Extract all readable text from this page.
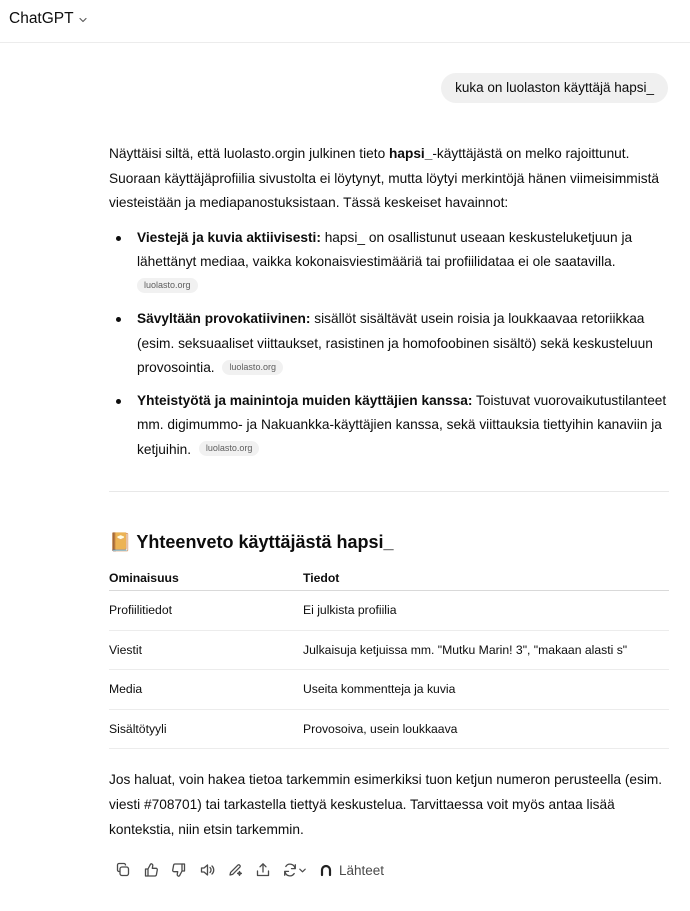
ChatGPT
kuka on luolaston käyttäjä hapsi_

Näyttäisi siltä, että luolasto.orgin julkinen tieto hapsi_-käyttäjästä on melko rajoittunut. Suoraan käyttäjäprofiilia sivustolta ei löytynyt, mutta löytyi merkintöjä hänen viimeisimmistä viesteistään ja mediapanostuksistaan. Tässä keskeiset havainnot:

Viestejä ja kuvia aktiivisesti: hapsi_ on osallistunut useaan keskusteluketjuun ja lähettänyt mediaa, vaikka kokonaisviestimääriä tai profiilidataa ei ole saatavilla.
luolasto.org
Sävyltään provokatiivinen: sisällöt sisältävät usein roisia ja loukkaavaa retoriikkaa (esim. seksuaaliset viittaukset, rasistinen ja homofoobinen sisältö) sekä keskusteluun provosointia. luolasto.org
Yhteistyötä ja mainintoja muiden käyttäjien kanssa: Toistuvat vuorovaikutustilanteet mm. digimummo- ja Nakuankka-käyttäjien kanssa, sekä viittauksia tiettyihin kanaviin ja ketjuihin. luolasto.org
📔 Yhteenveto käyttäjästä hapsi_
Ominaisuus	Tiedot
Profiilitiedot	Ei julkista profiilia
Viestit	Julkaisuja ketjuissa mm. "Mutku Marin! 3", "makaan alasti s"
Media	Useita kommentteja ja kuvia
Sisältötyyli	Provosoiva, usein loukkaava

Jos haluat, voin hakea tietoa tarkemmin esimerkiksi tuon ketjun numeron perusteella (esim. viesti #708701) tai tarkastella tiettyä keskustelua. Tarvittaessa voit myös antaa lisää kontekstia, niin etsin tarkemmin.

Lähteet
